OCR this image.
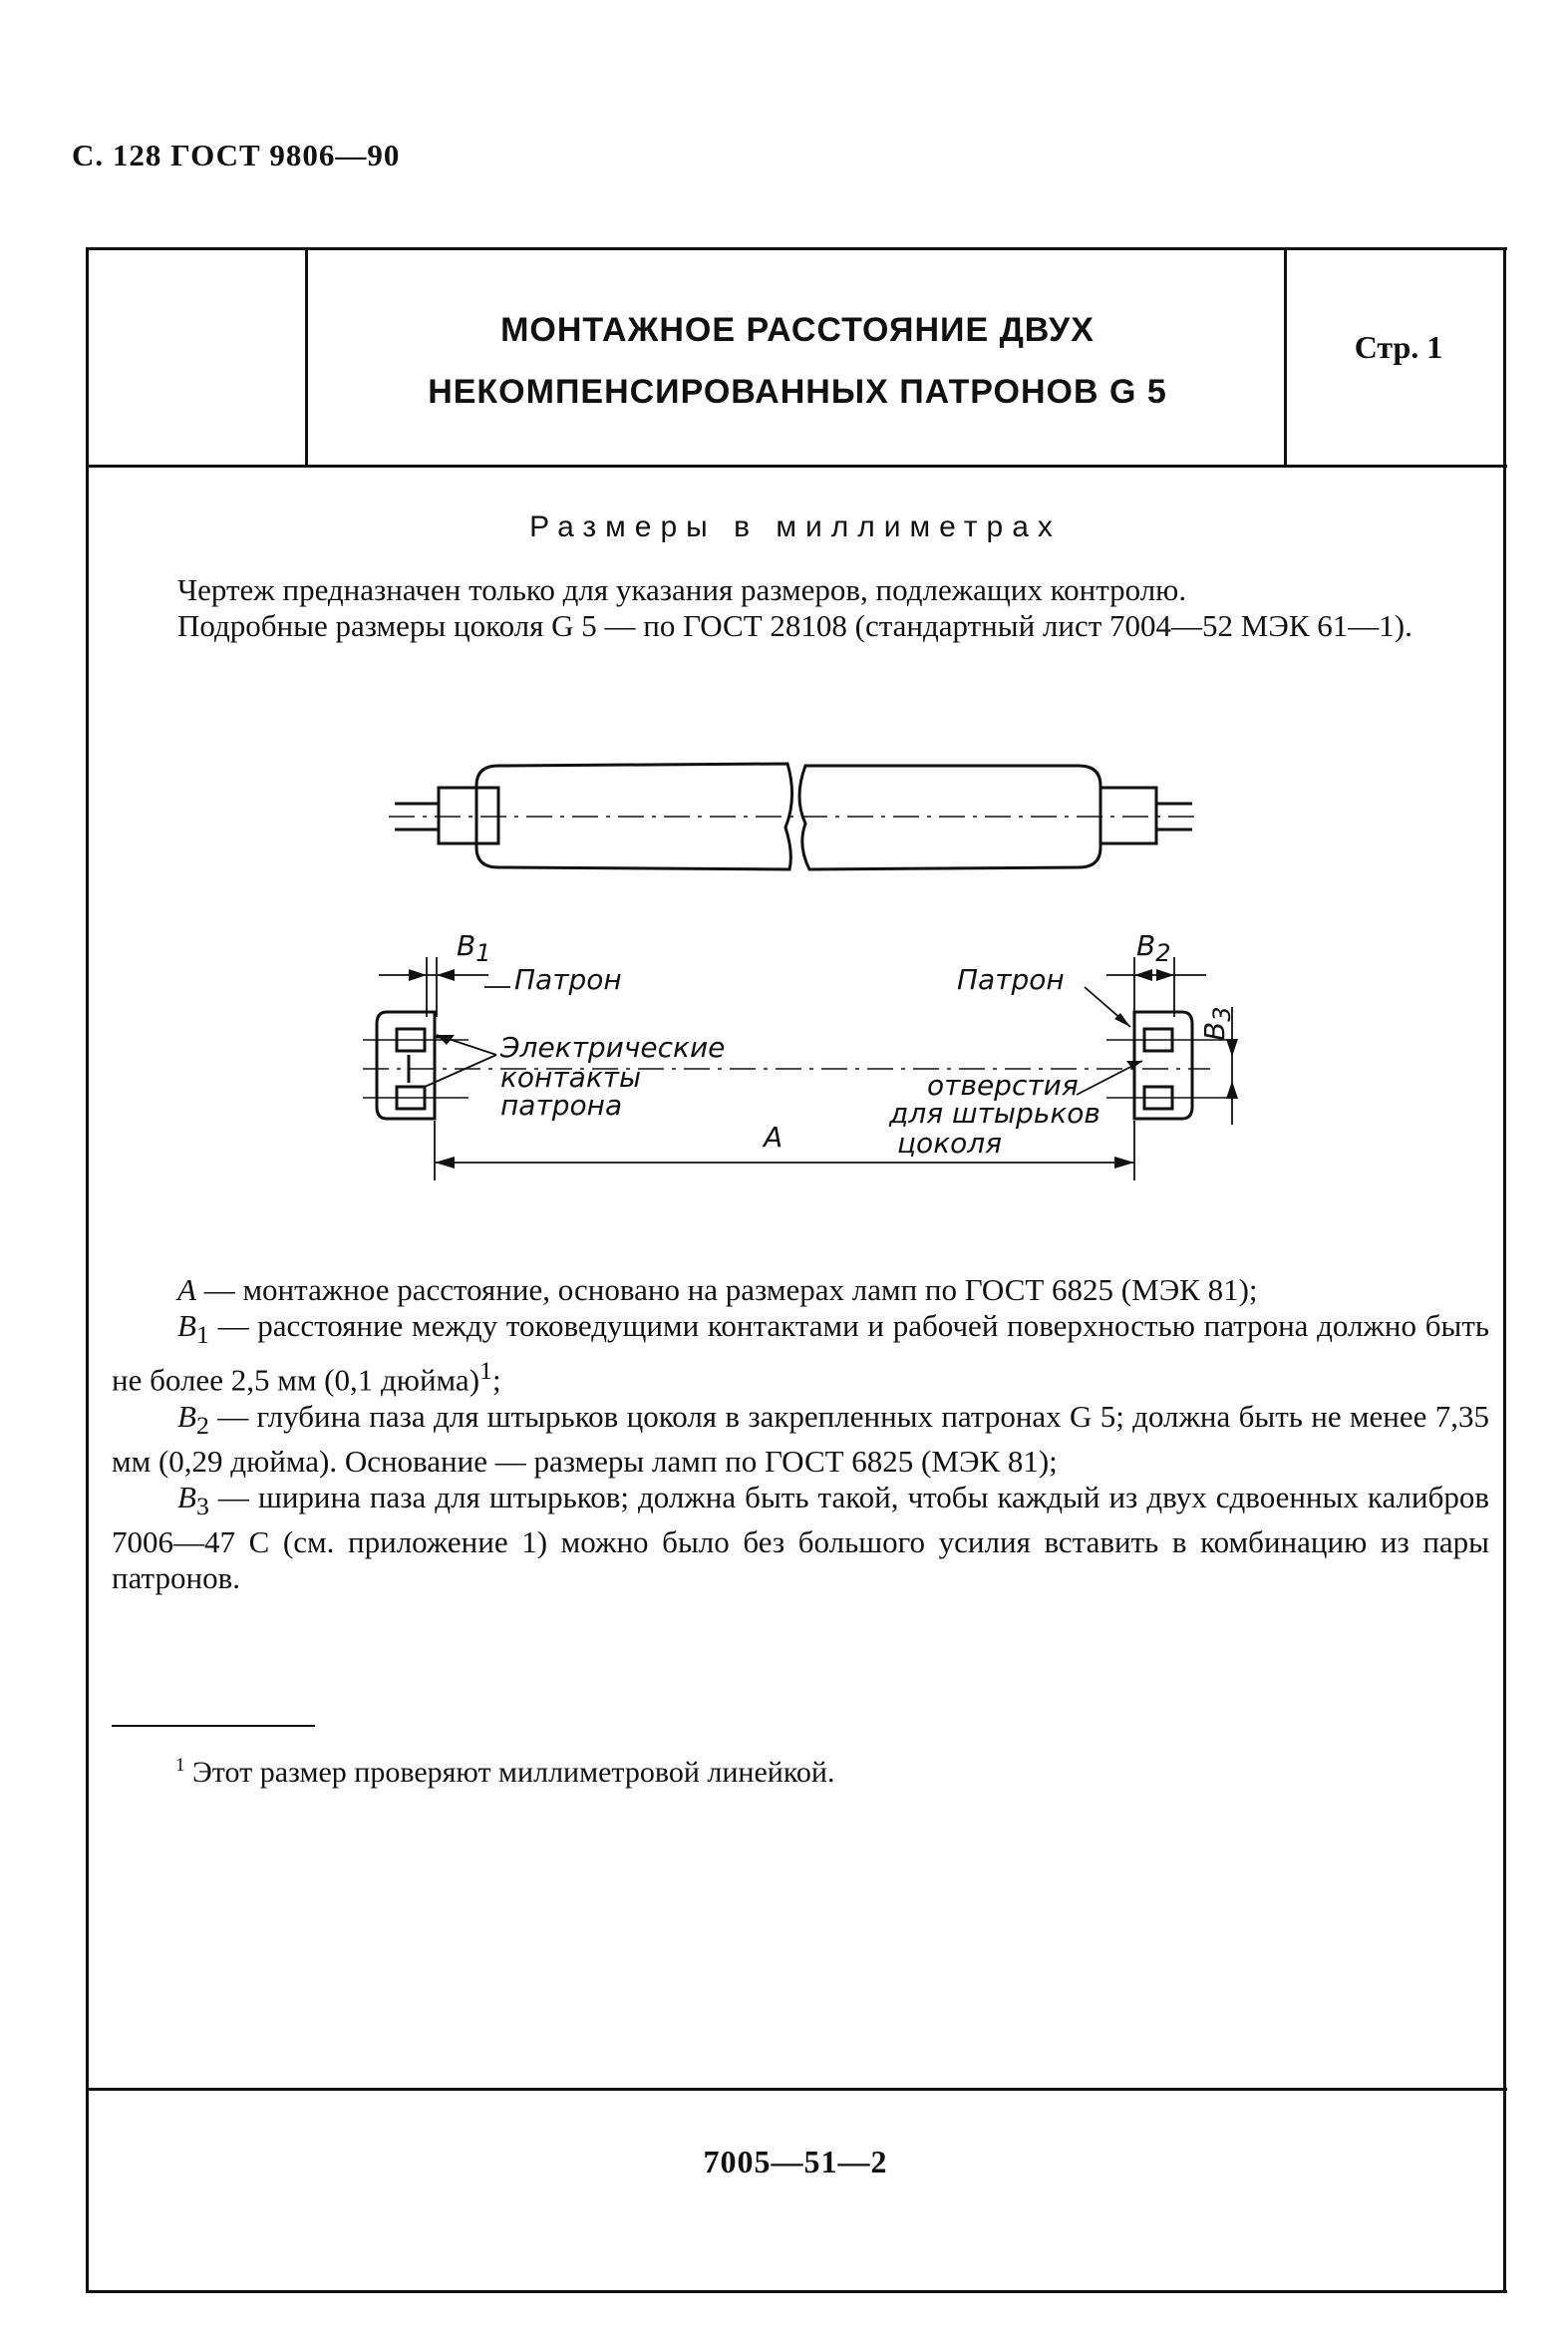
С. 128 ГОСТ 9806—90
МОНТАЖНОЕ РАССТОЯНИЕ ДВУХ
НЕКОМПЕНСИРОВАННЫХ ПАТРОНОВ G 5
Стр. 1
Размеры в миллиметрах

Чертеж предназначен только для указания размеров, подлежащих контролю.

Подробные размеры цоколя G 5 — по ГОСТ 28108 (стандартный лист 7004—52 МЭК 61—1).

B1	B2
B3
Патрон	Патрон
Электрические
контакты
патрона
отверстия
для штырьков
цоколя
A

А — монтажное расстояние, основано на размерах ламп по ГОСТ 6825 (МЭК 81);

$B_1$ — расстояние между токоведущими контактами и рабочей поверхностью патрона должно быть не более 2,5 мм (0,1 дюйма)$^1$;

$B_2$ — глубина паза для штырьков цоколя в закрепленных патронах G 5; должна быть не менее 7,35 мм (0,29 дюйма). Основание — размеры ламп по ГОСТ 6825 (МЭК 81);

$B_3$ — ширина паза для штырьков; должна быть такой, чтобы каждый из двух сдвоенных калибров 7006—47 С (см. приложение 1) можно было без большого усилия вставить в комбинацию из пары патронов.

$^1$ Этот размер проверяют миллиметровой линейкой.
7005—51—2
